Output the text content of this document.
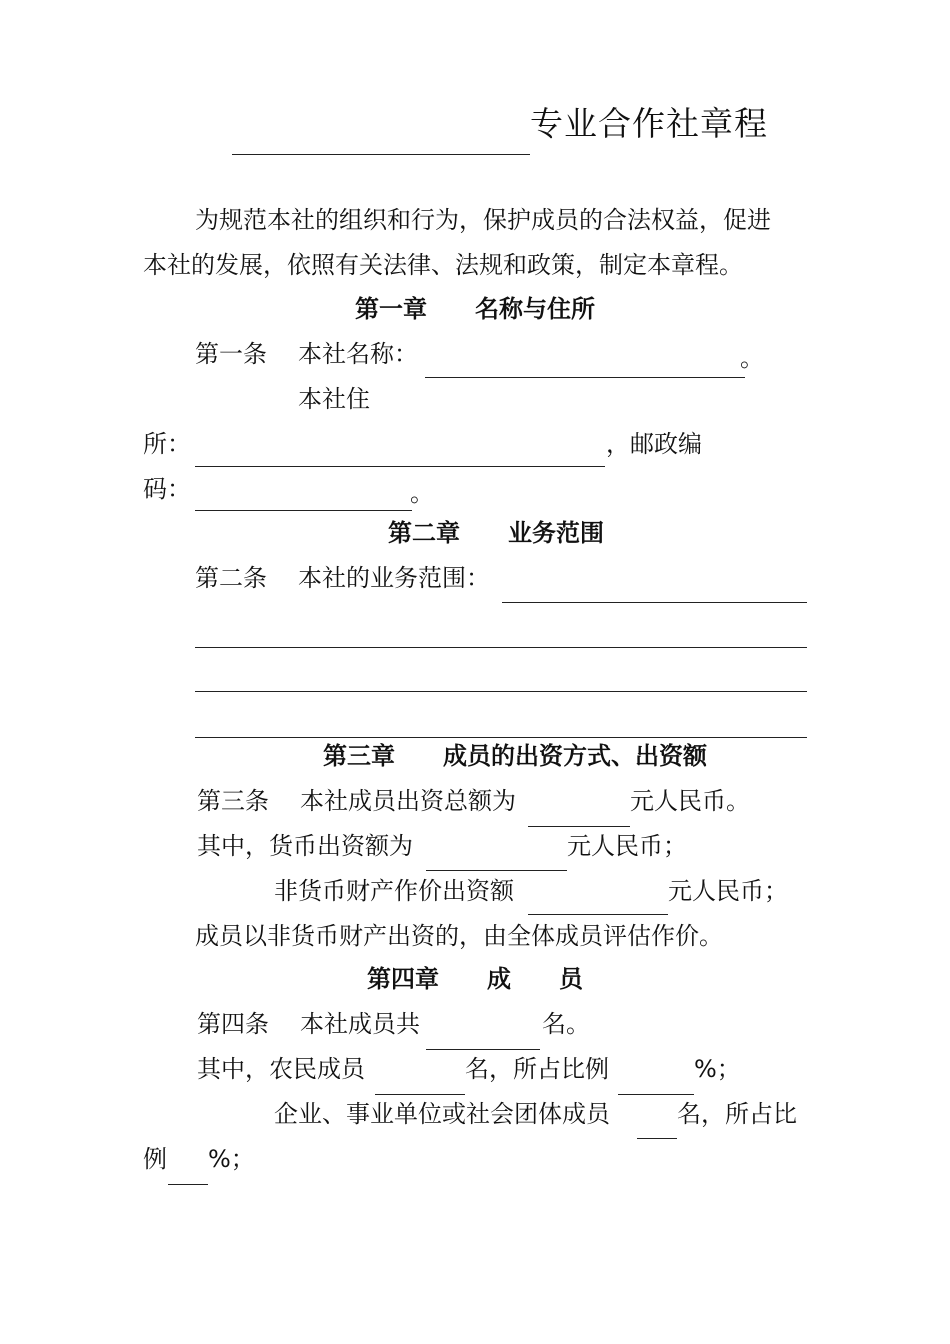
专业合作社章程
为规范本社的组织和行为，保护成员的合法权益，促进
本社的发展，依照有关法律、法规和政策，制定本章程。
第一章　　名称与住所
第一条 本社名称：	。
本社住
所：	，邮政编
码：	。
第二章　　业务范围
第二条 本社的业务范围：
第三章　　成员的出资方式、出资额
第三条 本社成员出资总额为	元人民币。
其中，货币出资额为	元人民币；
非货币财产作价出资额	元人民币；
成员以非货币财产出资的，由全体成员评估作价。
第四章　　成　　员
第四条 本社成员共	名。
其中，农民成员	名，所占比例	%；
企业、事业单位或社会团体成员	名，所占比
例 %；
